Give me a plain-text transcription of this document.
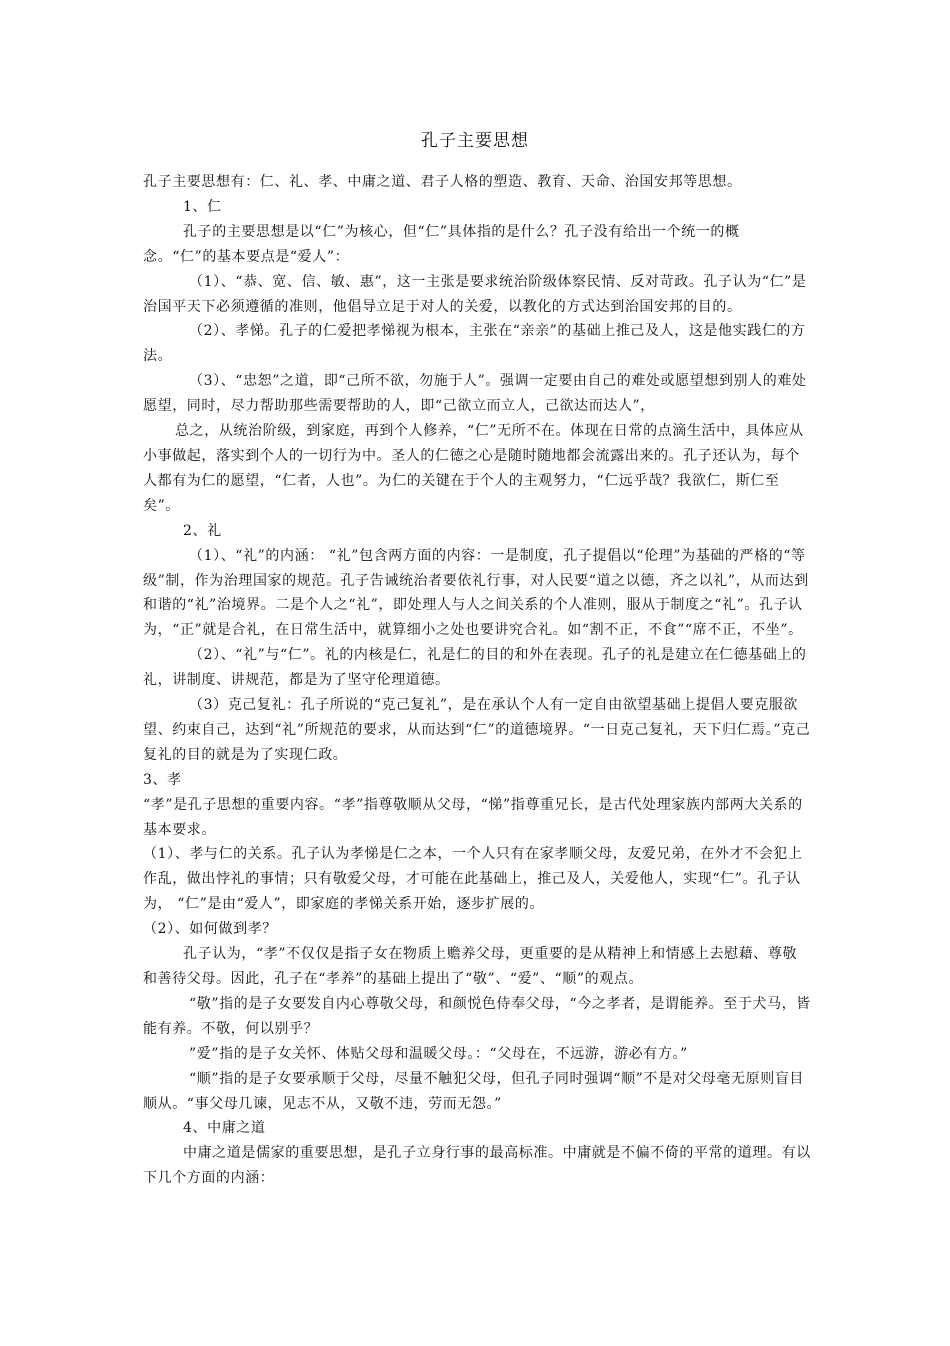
孔子主要思想

孔子主要思想有：仁、礼、孝、中庸之道、君子人格的塑造、教育、天命、治国安邦等思想。

1、仁

孔子的主要思想是以“仁”为核心，但“仁”具体指的是什么？孔子没有给出一个统一的概念。“仁”的基本要点是“爱人”：

（1）、“恭、宽、信、敏、惠”，这一主张是要求统治阶级体察民情、反对苛政。孔子认为“仁”是治国平天下必须遵循的准则，他倡导立足于对人的关爱，以教化的方式达到治国安邦的目的。

（2）、孝悌。孔子的仁爱把孝悌视为根本，主张在“亲亲”的基础上推己及人，这是他实践仁的方法。

（3）、“忠恕”之道，即“己所不欲，勿施于人”。强调一定要由自己的难处或愿望想到别人的难处愿望，同时，尽力帮助那些需要帮助的人，即“己欲立而立人，己欲达而达人”，

总之，从统治阶级，到家庭，再到个人修养，“仁”无所不在。体现在日常的点滴生活中，具体应从小事做起，落实到个人的一切行为中。圣人的仁德之心是随时随地都会流露出来的。孔子还认为，每个人都有为仁的愿望，“仁者，人也”。为仁的关键在于个人的主观努力，“仁远乎哉？我欲仁，斯仁至矣”。

2、礼

（1）、“礼”的内涵： “礼”包含两方面的内容：一是制度，孔子提倡以“伦理”为基础的严格的“等级”制，作为治理国家的规范。孔子告诫统治者要依礼行事，对人民要“道之以德，齐之以礼”，从而达到和谐的“礼”治境界。二是个人之“礼”，即处理人与人之间关系的个人准则，服从于制度之“礼”。孔子认为，“正”就是合礼，在日常生活中，就算细小之处也要讲究合礼。如“割不正，不食”“席不正，不坐”。

（2）、“礼”与“仁”。礼的内核是仁，礼是仁的目的和外在表现。孔子的礼是建立在仁德基础上的礼，讲制度、讲规范，都是为了坚守伦理道德。

（3）克己复礼：孔子所说的“克己复礼”，是在承认个人有一定自由欲望基础上提倡人要克服欲望、约束自己，达到“礼”所规范的要求，从而达到“仁”的道德境界。“一日克己复礼，天下归仁焉。”克己复礼的目的就是为了实现仁政。

3、孝

“孝”是孔子思想的重要内容。“孝”指尊敬顺从父母，“悌”指尊重兄长，是古代处理家族内部两大关系的基本要求。

（1）、孝与仁的关系。孔子认为孝悌是仁之本，一个人只有在家孝顺父母，友爱兄弟，在外才不会犯上作乱，做出悖礼的事情；只有敬爱父母，才可能在此基础上，推己及人，关爱他人，实现“仁”。孔子认为， “仁”是由“爱人”，即家庭的孝悌关系开始，逐步扩展的。

（2）、如何做到孝？

孔子认为，“孝”不仅仅是指子女在物质上赡养父母，更重要的是从精神上和情感上去慰藉、尊敬和善待父母。因此，孔子在“孝养”的基础上提出了“敬”、“爱”、“顺”的观点。

“敬”指的是子女要发自内心尊敬父母，和颜悦色侍奉父母，“今之孝者，是谓能养。至于犬马，皆能有养。不敬，何以别乎？

”爱”指的是子女关怀、体贴父母和温暖父母。：“父母在，不远游，游必有方。”

“顺”指的是子女要承顺于父母，尽量不触犯父母，但孔子同时强调“顺”不是对父母毫无原则盲目顺从。“事父母几谏，见志不从，又敬不违，劳而无怨。”

4、中庸之道

中庸之道是儒家的重要思想，是孔子立身行事的最高标准。中庸就是不偏不倚的平常的道理。有以下几个方面的内涵：
